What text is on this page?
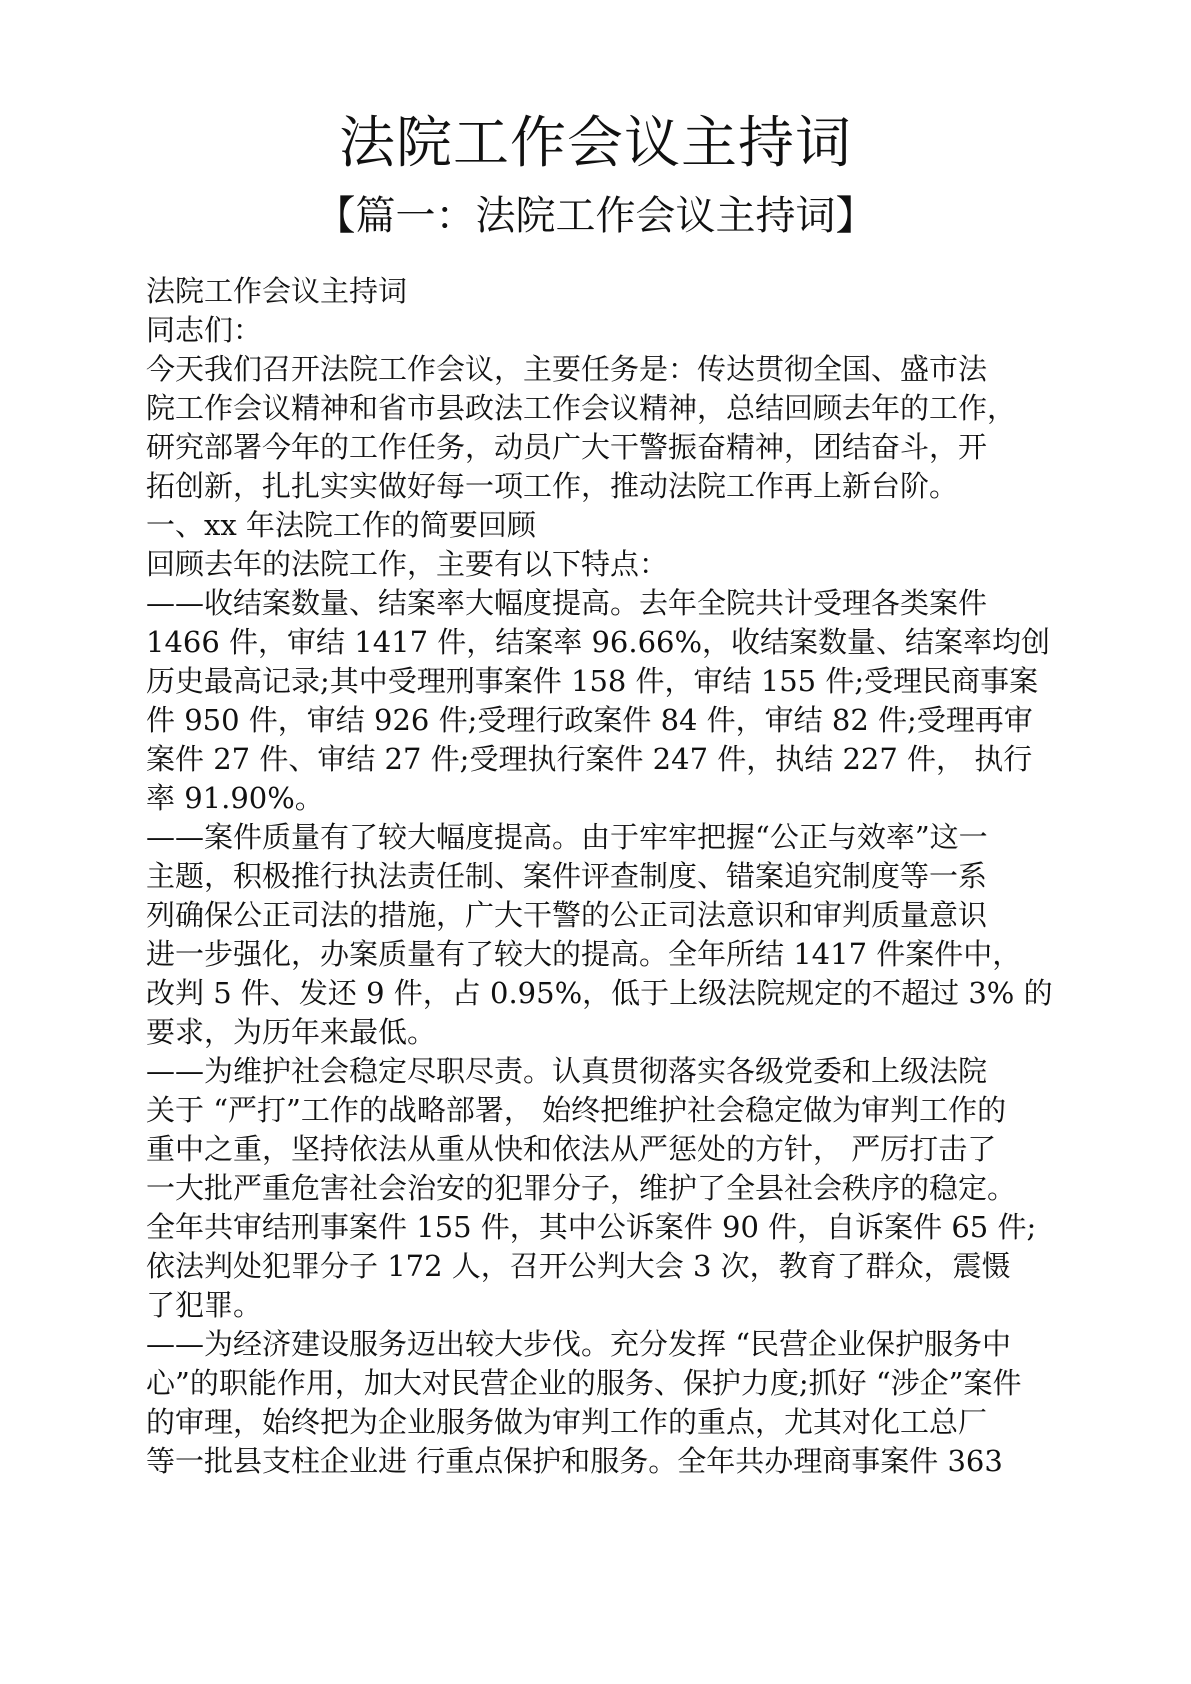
法院工作会议主持词
【篇一：法院工作会议主持词】
法院工作会议主持词
同志们：
今天我们召开法院工作会议，主要任务是：传达贯彻全国、盛市法
院工作会议精神和省市县政法工作会议精神，总结回顾去年的工作，
研究部署今年的工作任务，动员广大干警振奋精神，团结奋斗，开
拓创新，扎扎实实做好每一项工作，推动法院工作再上新台阶。
一、xx 年法院工作的简要回顾
回顾去年的法院工作，主要有以下特点：
——收结案数量、结案率大幅度提高。去年全院共计受理各类案件
1466 件，审结 1417 件，结案率 96.66%，收结案数量、结案率均创
历史最高记录;其中受理刑事案件 158 件，审结 155 件;受理民商事案
件 950 件，审结 926 件;受理行政案件 84 件，审结 82 件;受理再审
案件 27 件、审结 27 件;受理执行案件 247 件，执结 227 件， 执行
率 91.90%。
——案件质量有了较大幅度提高。由于牢牢把握“公正与效率”这一
主题，积极推行执法责任制、案件评查制度、错案追究制度等一系
列确保公正司法的措施，广大干警的公正司法意识和审判质量意识
进一步强化，办案质量有了较大的提高。全年所结 1417 件案件中，
改判 5 件、发还 9 件，占 0.95%，低于上级法院规定的不超过 3% 的
要求，为历年来最低。
——为维护社会稳定尽职尽责。认真贯彻落实各级党委和上级法院
关于 “严打”工作的战略部署， 始终把维护社会稳定做为审判工作的
重中之重，坚持依法从重从快和依法从严惩处的方针， 严厉打击了
一大批严重危害社会治安的犯罪分子，维护了全县社会秩序的稳定。
全年共审结刑事案件 155 件，其中公诉案件 90 件，自诉案件 65 件;
依法判处犯罪分子 172 人，召开公判大会 3 次，教育了群众，震慑
了犯罪。
——为经济建设服务迈出较大步伐。充分发挥 “民营企业保护服务中
心”的职能作用，加大对民营企业的服务、保护力度;抓好 “涉企”案件
的审理，始终把为企业服务做为审判工作的重点，尤其对化工总厂
等一批县支柱企业进 行重点保护和服务。全年共办理商事案件 363
